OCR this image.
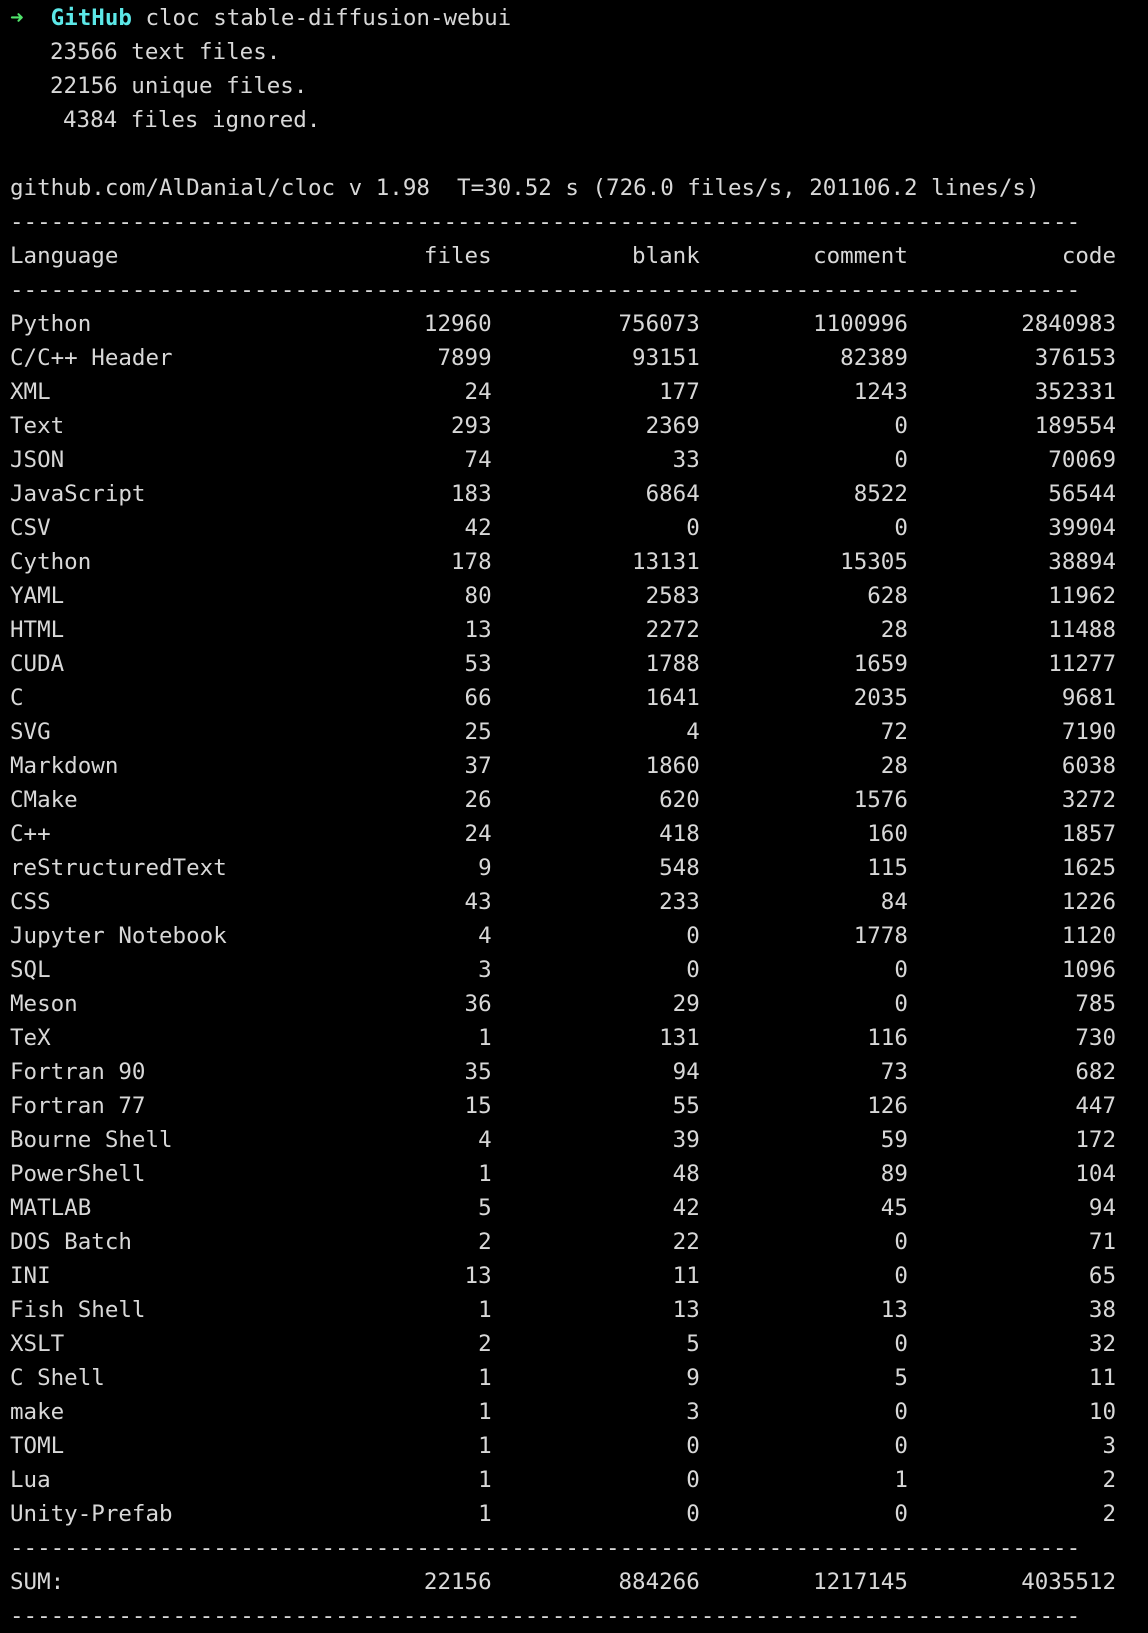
➜ GitHub cloc stable-diffusion-webui
23566 text files.
22156 unique files.
4384 files ignored.
github.com/AlDanial/cloc v 1.98  T=30.52 s (726.0 files/s, 201106.2 lines/s)
-------------------------------------------------------------------------------
Language	files	blank	comment	code
-------------------------------------------------------------------------------
Python	12960	756073	1100996	2840983
C/C++ Header	7899	93151	82389	376153
XML	24	177	1243	352331
Text	293	2369	0	189554
JSON	74	33	0	70069
JavaScript	183	6864	8522	56544
CSV	42	0	0	39904
Cython	178	13131	15305	38894
YAML	80	2583	628	11962
HTML	13	2272	28	11488
CUDA	53	1788	1659	11277
C	66	1641	2035	9681
SVG	25	4	72	7190
Markdown	37	1860	28	6038
CMake	26	620	1576	3272
C++	24	418	160	1857
reStructuredText	9	548	115	1625
CSS	43	233	84	1226
Jupyter Notebook	4	0	1778	1120
SQL	3	0	0	1096
Meson	36	29	0	785
TeX	1	131	116	730
Fortran 90	35	94	73	682
Fortran 77	15	55	126	447
Bourne Shell	4	39	59	172
PowerShell	1	48	89	104
MATLAB	5	42	45	94
DOS Batch	2	22	0	71
INI	13	11	0	65
Fish Shell	1	13	13	38
XSLT	2	5	0	32
C Shell	1	9	5	11
make	1	3	0	10
TOML	1	0	0	3
Lua	1	0	1	2
Unity-Prefab	1	0	0	2
-------------------------------------------------------------------------------
SUM:	22156	884266	1217145	4035512
-------------------------------------------------------------------------------
